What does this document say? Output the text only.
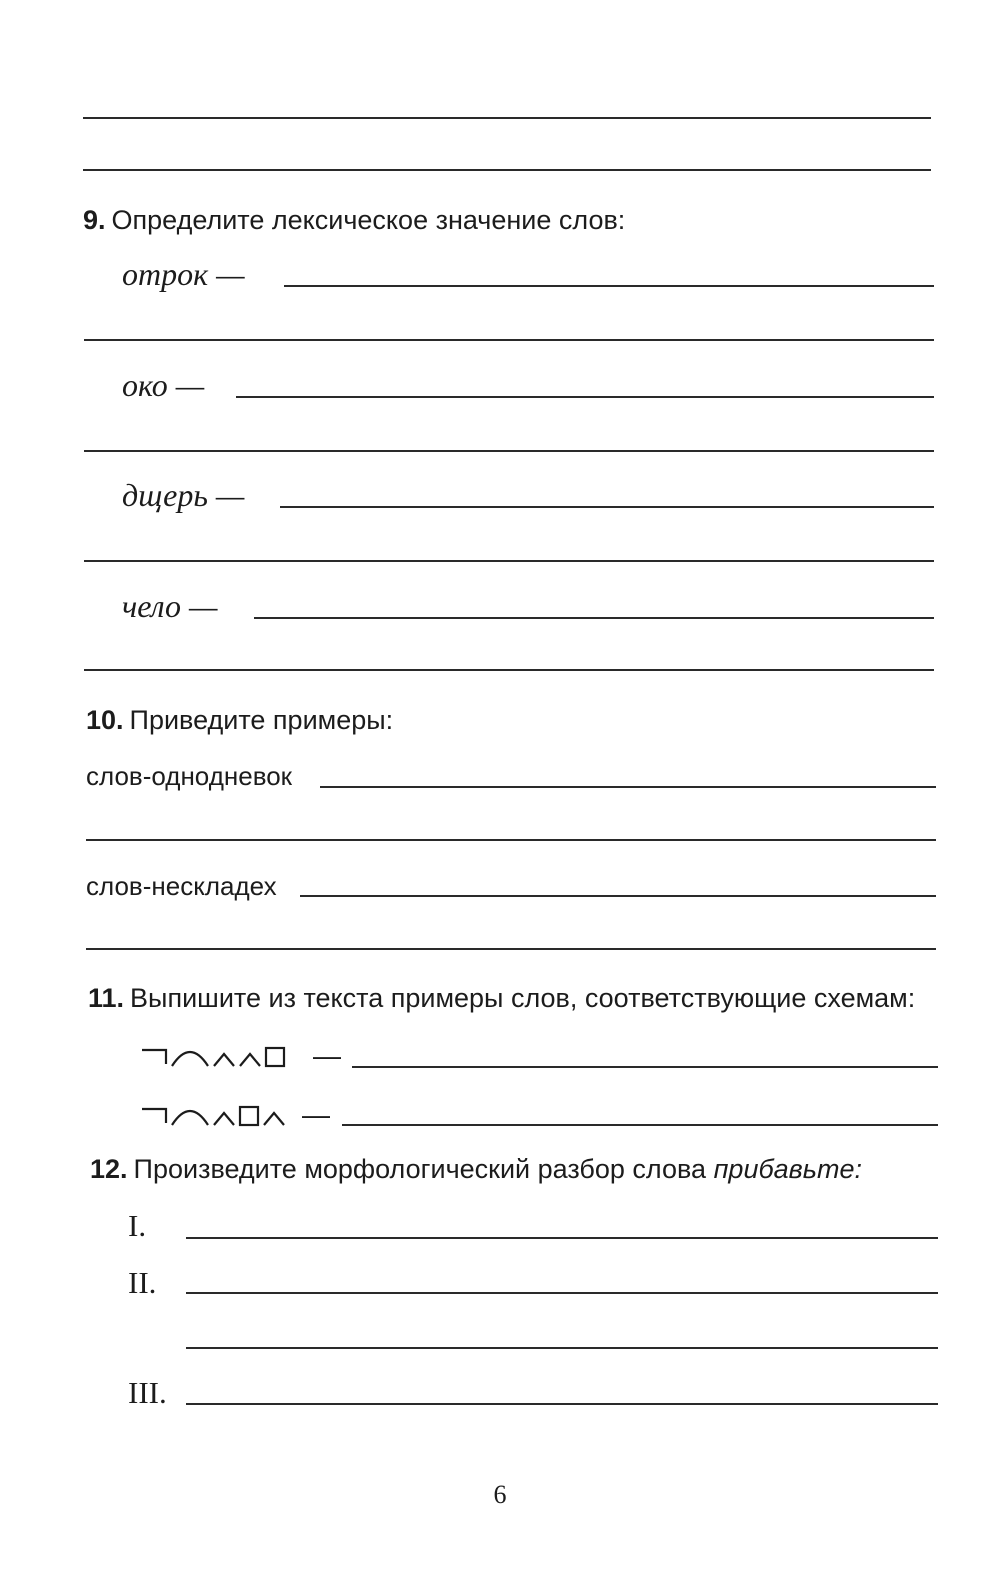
9. Определите лексическое значение слов:
отрок —
око —
дщерь —
чело —
10. Приведите примеры:
слов-однодневок
слов-нескладех
11. Выпишите из текста примеры слов, соответствующие схемам:
—
—
12. Произведите морфологический разбор слова прибавьте:
I.
II.
III.
6
